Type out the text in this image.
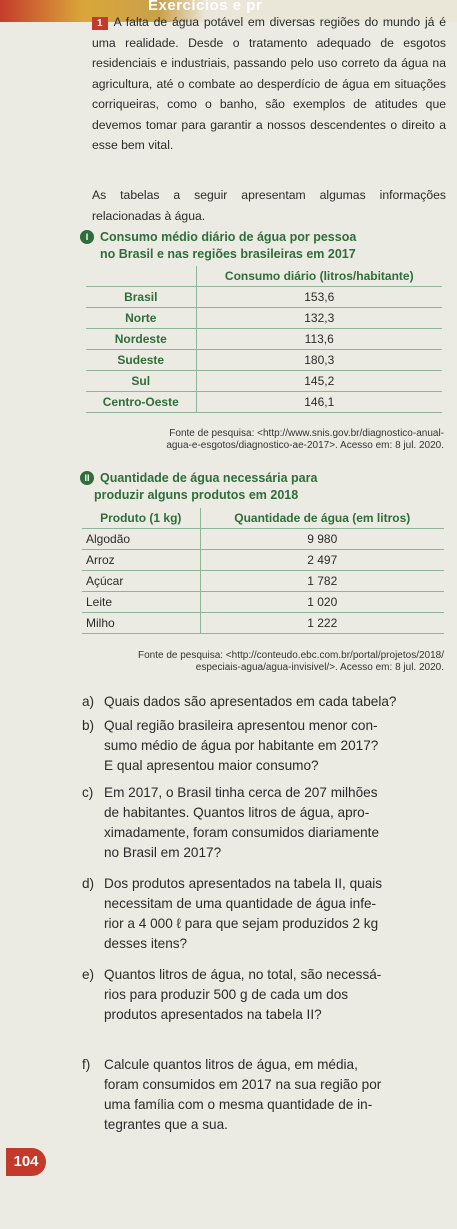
Exercícios e pr
1 A falta de água potável em diversas regiões do mundo já é uma realidade. Desde o tratamento adequado de esgotos residenciais e industriais, passando pelo uso correto da água na agricultura, até o combate ao desperdício de água em situações corriqueiras, como o banho, são exemplos de atitudes que devemos tomar para garantir a nossos descendentes o direito a esse bem vital.
As tabelas a seguir apresentam algumas informações relacionadas à água.
I Consumo médio diário de água por pessoa
no Brasil e nas regiões brasileiras em 2017
	Consumo diário (litros/habitante)
Brasil	153,6
Norte	132,3
Nordeste	113,6
Sudeste	180,3
Sul	145,2
Centro-Oeste	146,1
Fonte de pesquisa: <http://www.snis.gov.br/diagnostico-anual-
agua-e-esgotos/diagnostico-ae-2017>. Acesso em: 8 jul. 2020.
II Quantidade de água necessária para
produzir alguns produtos em 2018
Produto (1 kg)	Quantidade de água (em litros)
Algodão	9 980
Arroz	2 497
Açúcar	1 782
Leite	1 020
Milho	1 222
Fonte de pesquisa: <http://conteudo.ebc.com.br/portal/projetos/2018/
especiais-agua/agua-invisivel/>. Acesso em: 8 jul. 2020.
a) Quais dados são apresentados em cada tabela?
b) Qual região brasileira apresentou menor con-
sumo médio de água por habitante em 2017?
E qual apresentou maior consumo?
c) Em 2017, o Brasil tinha cerca de 207 milhões
de habitantes. Quantos litros de água, apro-
ximadamente, foram consumidos diariamente
no Brasil em 2017?
d) Dos produtos apresentados na tabela II, quais
necessitam de uma quantidade de água infe-
rior a 4 000 ℓ para que sejam produzidos 2 kg
desses itens?
e) Quantos litros de água, no total, são necessá-
rios para produzir 500 g de cada um dos
produtos apresentados na tabela II?
f) Calcule quantos litros de água, em média,
foram consumidos em 2017 na sua região por
uma família com o mesma quantidade de in-
tegrantes que a sua.
104
